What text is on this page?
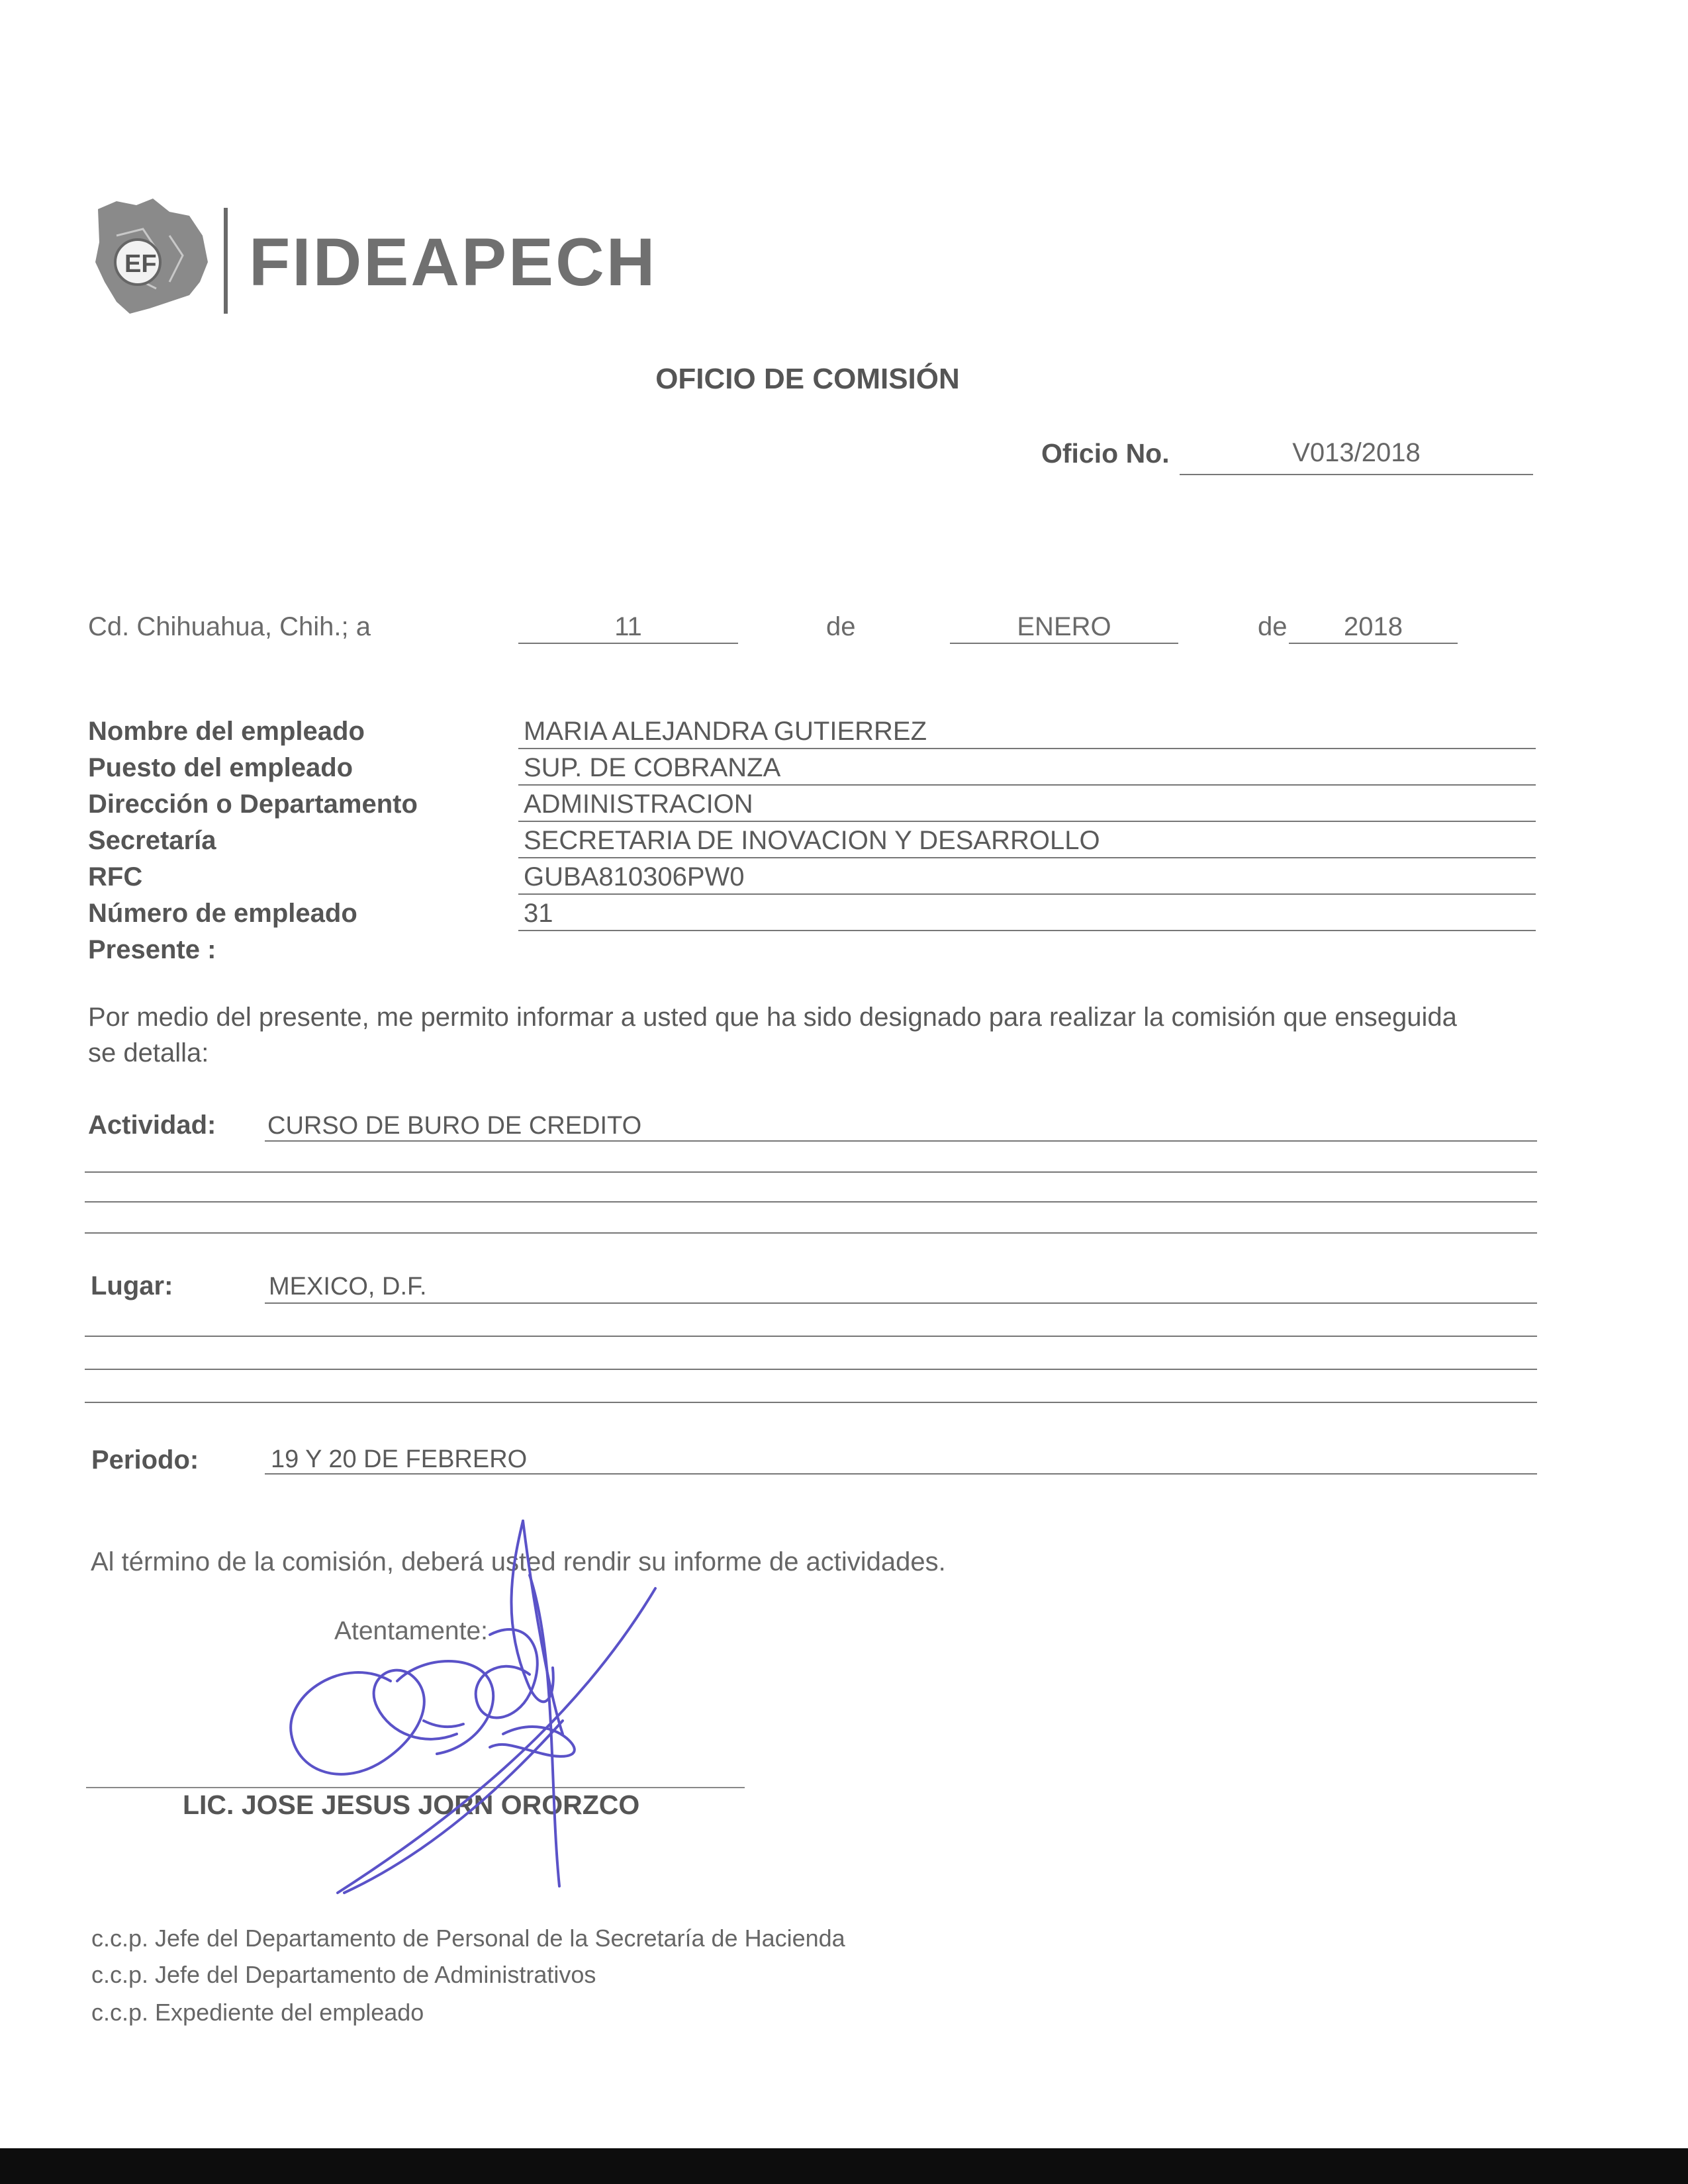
EF FIDEAPECH
OFICIO DE COMISIÓN
Oficio No.	V013/2018
Cd. Chihuahua, Chih.; a	11	de	ENERO	de	2018
Nombre del empleado	MARIA ALEJANDRA GUTIERREZ
Puesto del empleado	SUP. DE COBRANZA
Dirección o Departamento	ADMINISTRACION
Secretaría	SECRETARIA DE INOVACION Y DESARROLLO
RFC	GUBA810306PW0
Número de empleado	31
Presente :
Por medio del presente, me permito informar a usted que ha sido designado para realizar la comisión que enseguida se detalla:
Actividad: CURSO DE BURO DE CREDITO
Lugar:	MEXICO, D.F.
Periodo:	19 Y 20 DE FEBRERO
Al término de la comisión, deberá usted rendir su informe de actividades.
Atentamente:
LIC. JOSE JESUS JORN ORORZCO
c.c.p. Jefe del Departamento de Personal de la Secretaría de Hacienda
c.c.p. Jefe del Departamento de Administrativos
c.c.p. Expediente del empleado
